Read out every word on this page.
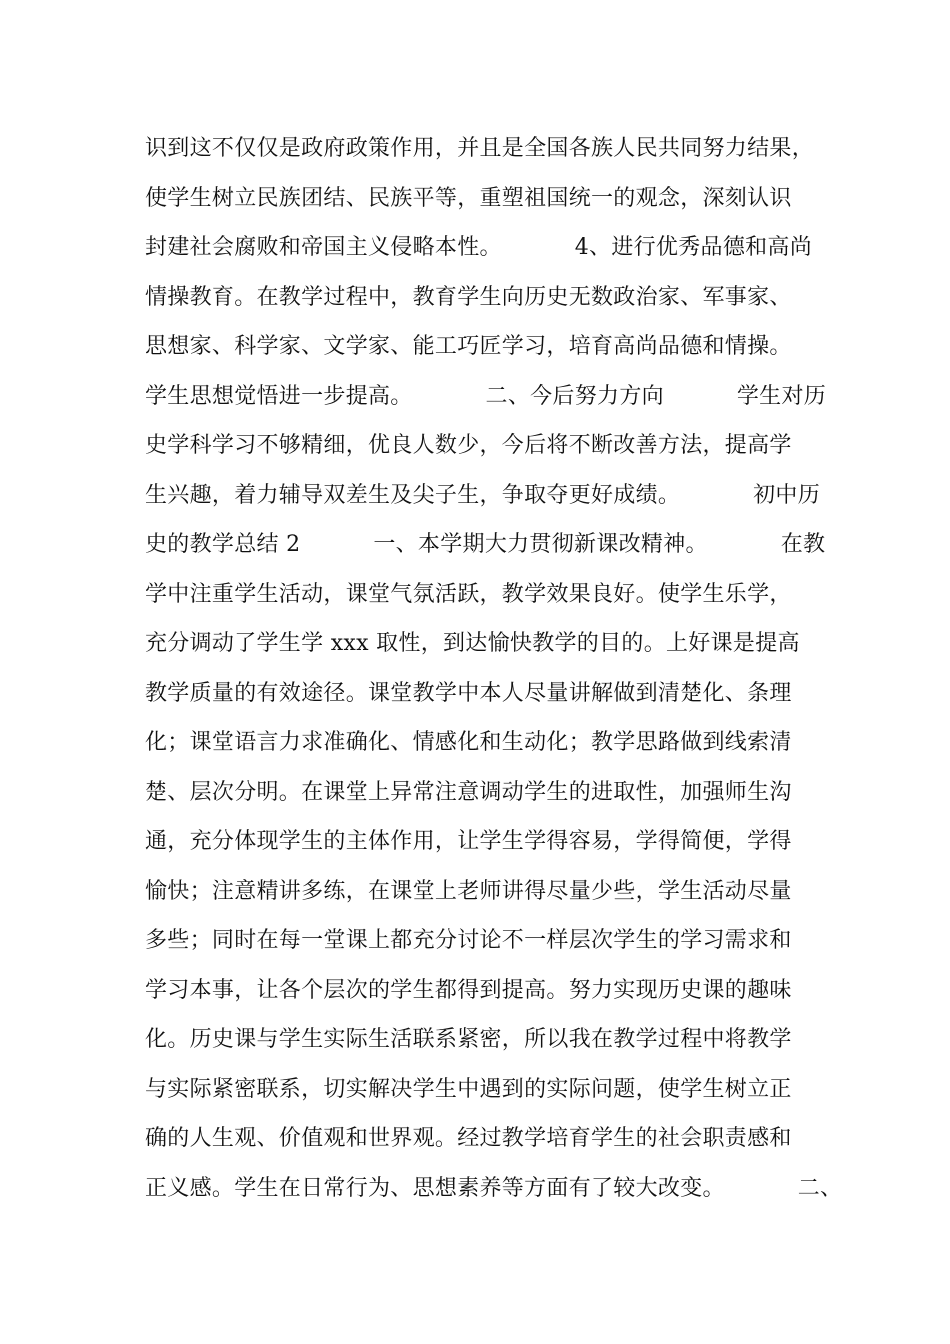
识到这不仅仅是政府政策作用，并且是全国各族人民共同努力结果，
使学生树立民族团结、民族平等，重塑祖国统一的观念，深刻认识
封建社会腐败和帝国主义侵略本性。          4、进行优秀品德和高尚
情操教育。在教学过程中，教育学生向历史无数政治家、军事家、
思想家、科学家、文学家、能工巧匠学习，培育高尚品德和情操。
学生思想觉悟进一步提高。          二、今后努力方向          学生对历
史学科学习不够精细，优良人数少，今后将不断改善方法，提高学
生兴趣，着力辅导双差生及尖子生，争取夺更好成绩。          初中历
史的教学总结 2          一、本学期大力贯彻新课改精神。          在教
学中注重学生活动，课堂气氛活跃，教学效果良好。使学生乐学，
充分调动了学生学 xxx 取性，到达愉快教学的目的。上好课是提高
教学质量的有效途径。课堂教学中本人尽量讲解做到清楚化、条理
化；课堂语言力求准确化、情感化和生动化；教学思路做到线索清
楚、层次分明。在课堂上异常注意调动学生的进取性，加强师生沟
通，充分体现学生的主体作用，让学生学得容易，学得简便，学得
愉快；注意精讲多练，在课堂上老师讲得尽量少些，学生活动尽量
多些；同时在每一堂课上都充分讨论不一样层次学生的学习需求和
学习本事，让各个层次的学生都得到提高。努力实现历史课的趣味
化。历史课与学生实际生活联系紧密，所以我在教学过程中将教学
与实际紧密联系，切实解决学生中遇到的实际问题，使学生树立正
确的人生观、价值观和世界观。经过教学培育学生的社会职责感和
正义感。学生在日常行为、思想素养等方面有了较大改变。          二、
